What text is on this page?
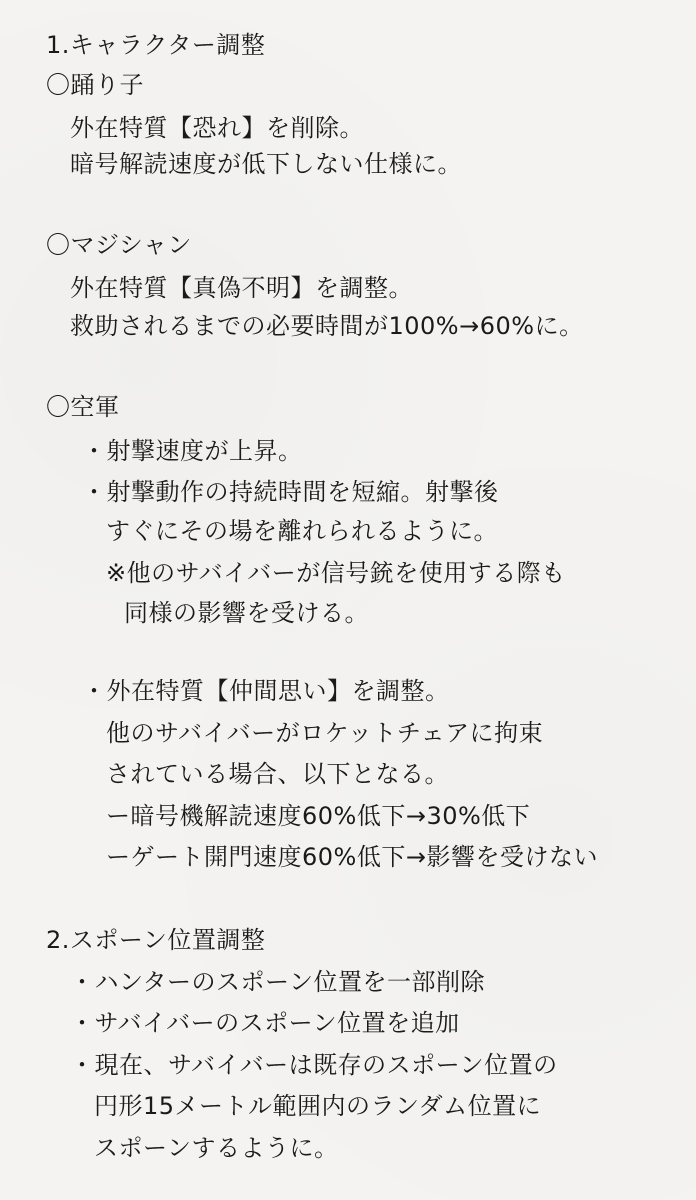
1.キャラクター調整
〇踊り子
外在特質【恐れ】を削除。
暗号解読速度が低下しない仕様に。
〇マジシャン
外在特質【真偽不明】を調整。
救助されるまでの必要時間が100%→60%に。
〇空軍
・射撃速度が上昇。
・射撃動作の持続時間を短縮。射撃後
すぐにその場を離れられるように。
※他のサバイバーが信号銃を使用する際も
同様の影響を受ける。
・外在特質【仲間思い】を調整。
他のサバイバーがロケットチェアに拘束
されている場合、以下となる。
ー暗号機解読速度60%低下→30%低下
ーゲート開門速度60%低下→影響を受けない
2.スポーン位置調整
・ハンターのスポーン位置を一部削除
・サバイバーのスポーン位置を追加
・現在、サバイバーは既存のスポーン位置の
円形15メートル範囲内のランダム位置に
スポーンするように。
